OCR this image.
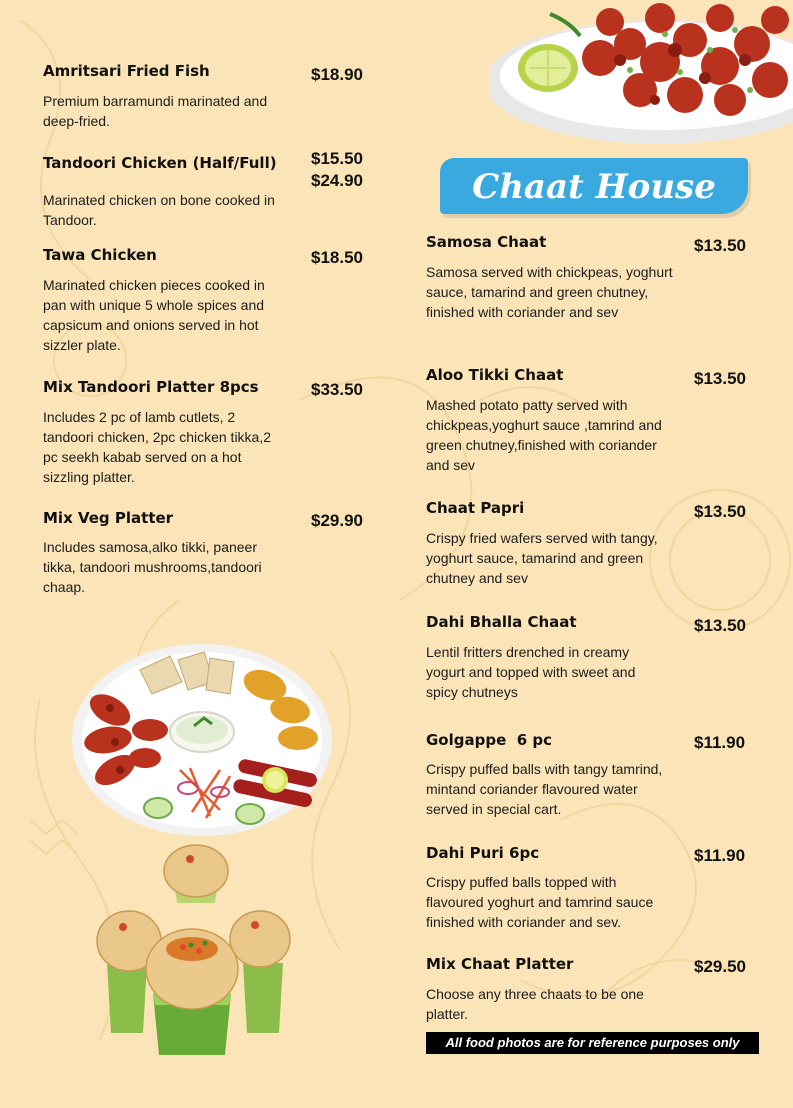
Amritsari Fried Fish	$18.90
Premium barramundi marinated and deep-fried.
Tandoori Chicken (Half/Full) $15.50
$24.90
Marinated chicken on bone cooked in Tandoor.
Tawa Chicken	$18.50
Marinated chicken pieces cooked in pan with unique 5 whole spices and capsicum and onions served in hot sizzler plate.
Mix Tandoori Platter 8pcs	$33.50
Includes 2 pc of lamb cutlets, 2 tandoori chicken, 2pc chicken tikka,2 pc seekh kabab served on a hot sizzling platter.
Mix Veg Platter	$29.90
Includes samosa,alko tikki, paneer tikka, tandoori mushrooms,tandoori chaap.
Chaat House
Samosa Chaat	$13.50
Samosa served with chickpeas, yoghurt sauce, tamarind and green chutney, finished with coriander and sev
Aloo Tikki Chaat	$13.50
Mashed potato patty served with chickpeas,yoghurt sauce ,tamrind and green chutney,finished with coriander and sev
Chaat Papri	$13.50
Crispy fried wafers served with tangy, yoghurt sauce, tamarind and green chutney and sev
Dahi Bhalla Chaat	$13.50
Lentil fritters drenched in creamy yogurt and topped with sweet and spicy chutneys
Golgappe  6 pc	$11.90
Crispy puffed balls with tangy tamrind, mintand coriander flavoured water served in special cart.
Dahi Puri 6pc	$11.90
Crispy puffed balls topped with flavoured yoghurt and tamrind sauce finished with coriander and sev.
Mix Chaat Platter	$29.50
Choose any three chaats to be one platter.
All food photos are for reference purposes only
